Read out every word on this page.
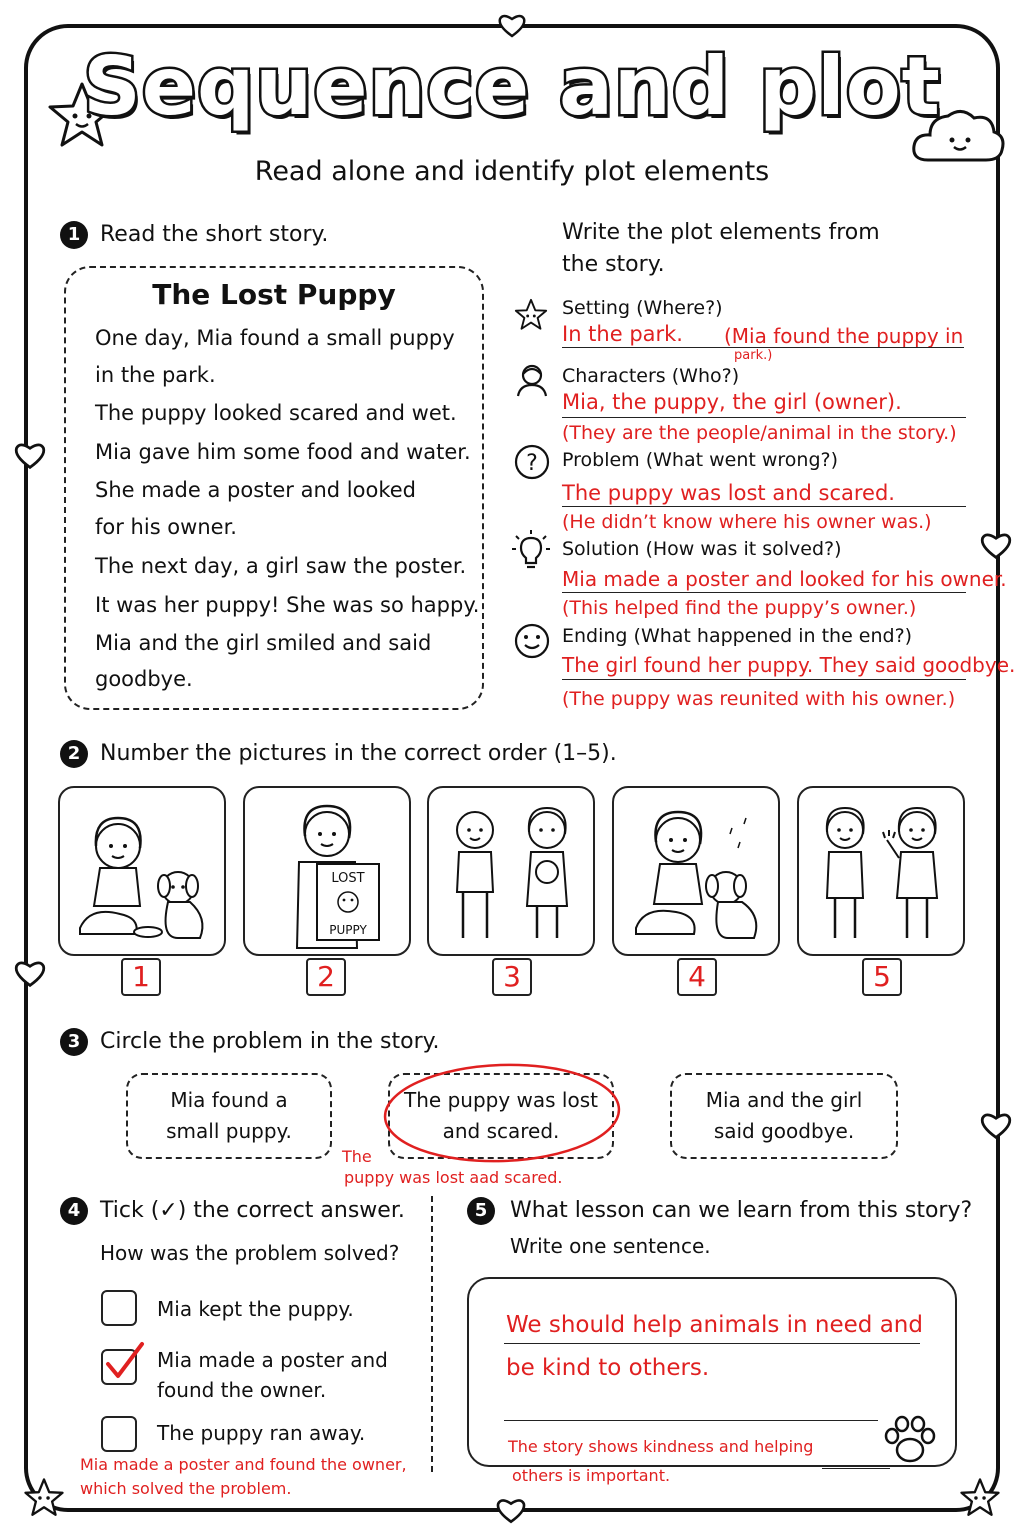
Sequence and plot
Read alone and identify plot elements
1 Read the short story.
The Lost Puppy
One day, Mia found a small puppy
in the park.
The puppy looked scared and wet.
Mia gave him some food and water.
She made a poster and looked
for his owner.
The next day, a girl saw the poster.
It was her puppy! She was so happy.
Mia and the girl smiled and said
goodbye.
Write the plot elements from
the story.
Setting (Where?)
In the park. (Mia found the puppy in
park.)
Characters (Who?)
Mia, the puppy, the girl (owner).
(They are the people/animal in the story.)
? Problem (What went wrong?)
The puppy was lost and scared.
(He didn’t know where his owner was.)
Solution (How was it solved?)
Mia made a poster and looked for his owner.
(This helped find the puppy’s owner.)
Ending (What happened in the end?)
The girl found her puppy. They said goodbye.
(The puppy was reunited with his owner.)
2 Number the pictures in the correct order (1–5).
LOST
PUPPY
1	2	3	4	5
3 Circle the problem in the story.
Mia found a
small puppy.
The puppy was lost
and scared.
Mia and the girl
said goodbye.
The
puppy was lost aad scared.
4 Tick (✓) the correct answer.
How was the problem solved?
Mia kept the puppy.
Mia made a poster and
found the owner.
The puppy ran away.
Mia made a poster and found the owner,
which solved the problem.
5	What lesson can we learn from this story?
Write one sentence.
We should help animals in need and
be kind to others.
The story shows kindness and helping
others is important.
